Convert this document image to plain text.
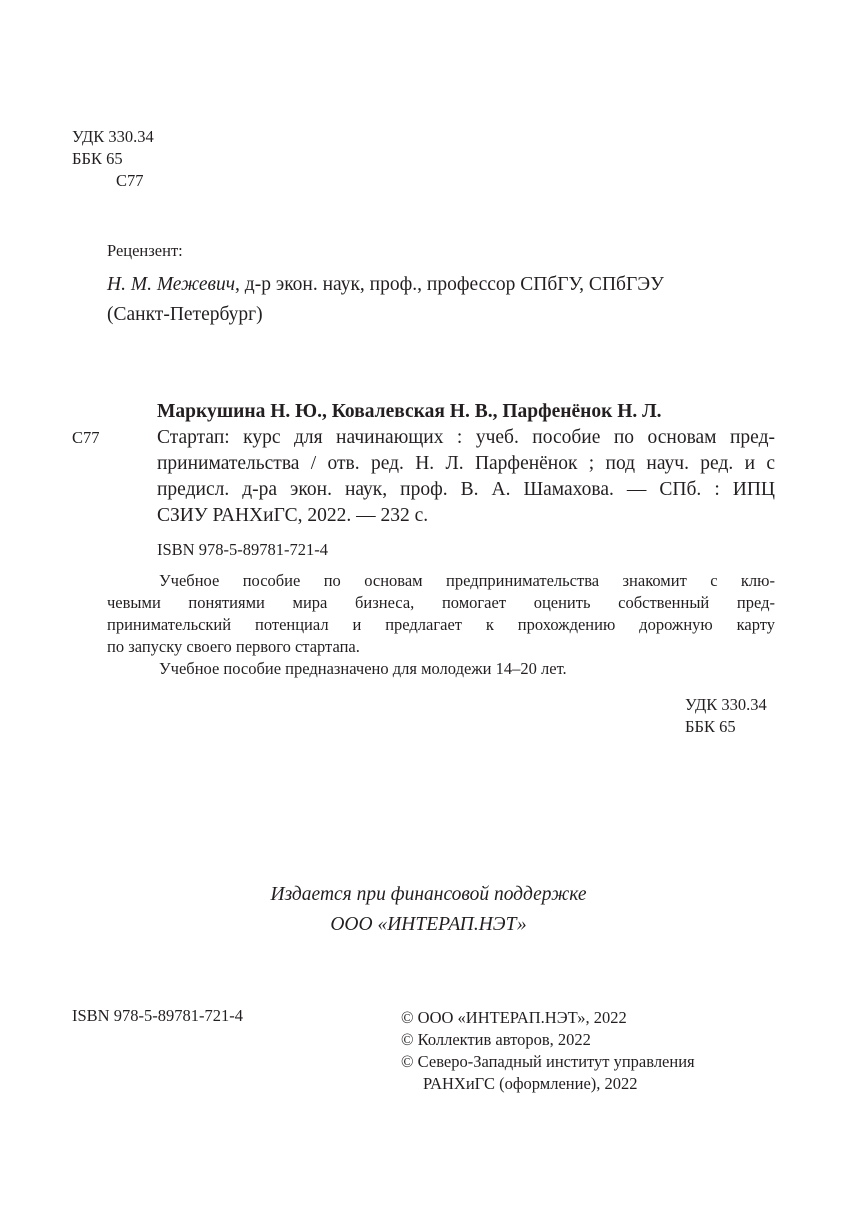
УДК 330.34
ББК 65
С77
Рецензент:
Н. М. Межевич, д-р экон. наук, проф., профессор СПбГУ, СПбГЭУ
(Санкт-Петербург)
С77
Маркушина Н. Ю., Ковалевская Н. В., Парфенёнок Н. Л.
Стартап: курс для начинающих : учеб. пособие по основам пред-
принимательства / отв. ред. Н. Л. Парфенёнок ; под науч. ред. и с
предисл. д-ра экон. наук, проф. В. А. Шамахова. — СПб. : ИПЦ
СЗИУ РАНХиГС, 2022. — 232 с.
ISBN 978-5-89781-721-4
Учебное пособие по основам предпринимательства знакомит с клю-
чевыми понятиями мира бизнеса, помогает оценить собственный пред-
принимательский потенциал и предлагает к прохождению дорожную карту
по запуску своего первого стартапа.
Учебное пособие предназначено для молодежи 14–20 лет.
УДК 330.34
ББК 65
Издается при финансовой поддержке
ООО «ИНТЕРАП.НЭТ»
ISBN 978-5-89781-721-4	© ООО «ИНТЕРАП.НЭТ», 2022
© Коллектив авторов, 2022
© Северо-Западный институт управления
РАНХиГС (оформление), 2022
